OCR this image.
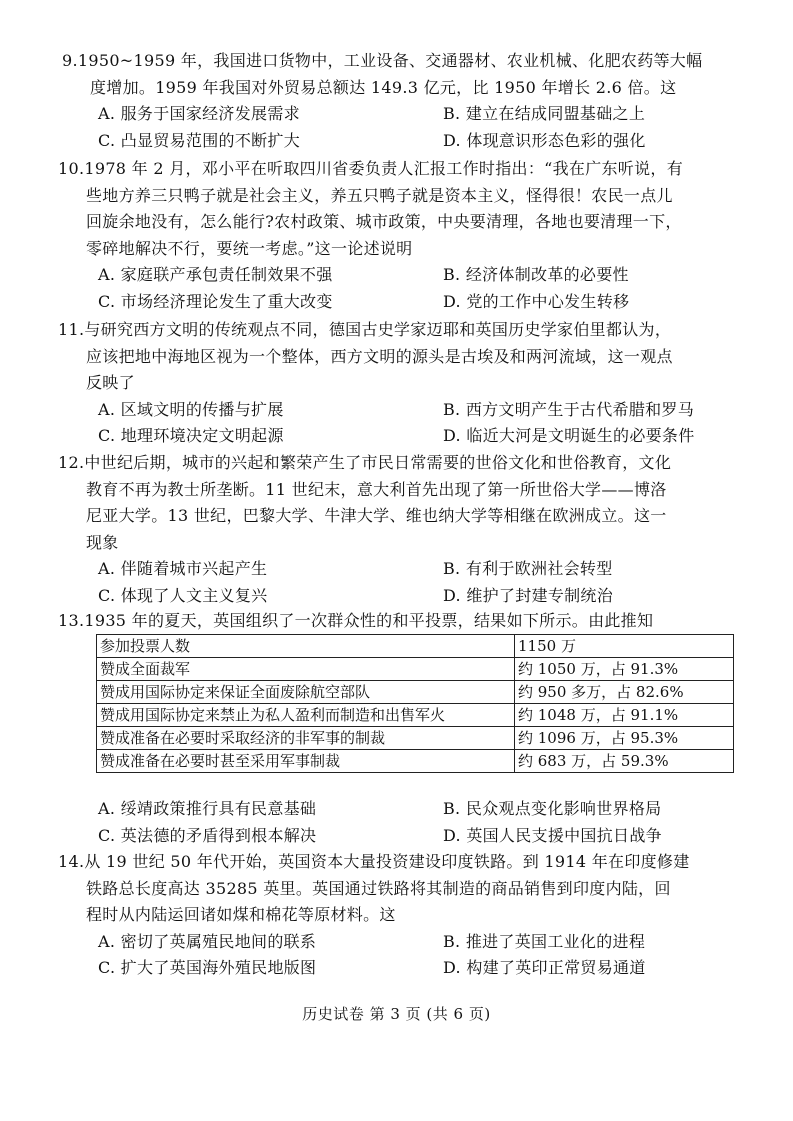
9.1950~1959 年，我国进口货物中，工业设备、交通器材、农业机械、化肥农药等大幅
度增加。1959 年我国对外贸易总额达 149.3 亿元，比 1950 年增长 2.6 倍。这
A. 服务于国家经济发展需求	B. 建立在结成同盟基础之上
C. 凸显贸易范围的不断扩大	D. 体现意识形态色彩的强化
10.1978 年 2 月，邓小平在听取四川省委负责人汇报工作时指出：“我在广东听说，有
些地方养三只鸭子就是社会主义，养五只鸭子就是资本主义，怪得很！农民一点儿
回旋余地没有，怎么能行?农村政策、城市政策，中央要清理，各地也要清理一下，
零碎地解决不行，要统一考虑。”这一论述说明
A. 家庭联产承包责任制效果不强	B. 经济体制改革的必要性
C. 市场经济理论发生了重大改变	D. 党的工作中心发生转移
11.与研究西方文明的传统观点不同，德国古史学家迈耶和英国历史学家伯里都认为，
应该把地中海地区视为一个整体，西方文明的源头是古埃及和两河流域，这一观点
反映了
A. 区域文明的传播与扩展	B. 西方文明产生于古代希腊和罗马
C. 地理环境决定文明起源	D. 临近大河是文明诞生的必要条件
12.中世纪后期，城市的兴起和繁荣产生了市民日常需要的世俗文化和世俗教育，文化
教育不再为教士所垄断。11 世纪末，意大利首先出现了第一所世俗大学——博洛
尼亚大学。13 世纪，巴黎大学、牛津大学、维也纳大学等相继在欧洲成立。这一
现象
A. 伴随着城市兴起产生	B. 有利于欧洲社会转型
C. 体现了人文主义复兴	D. 维护了封建专制统治
13.1935 年的夏天，英国组织了一次群众性的和平投票，结果如下所示。由此推知
参加投票人数	1150 万
赞成全面裁军	约 1050 万，占 91.3%
赞成用国际协定来保证全面废除航空部队	约 950 多万，占 82.6%
赞成用国际协定来禁止为私人盈利而制造和出售军火	约 1048 万，占 91.1%
赞成准备在必要时采取经济的非军事的制裁	约 1096 万，占 95.3%
赞成准备在必要时甚至采用军事制裁	约 683 万，占 59.3%
A. 绥靖政策推行具有民意基础	B. 民众观点变化影响世界格局
C. 英法德的矛盾得到根本解决	D. 英国人民支援中国抗日战争
14.从 19 世纪 50 年代开始，英国资本大量投资建设印度铁路。到 1914 年在印度修建
铁路总长度高达 35285 英里。英国通过铁路将其制造的商品销售到印度内陆，回
程时从内陆运回诸如煤和棉花等原材料。这
A. 密切了英属殖民地间的联系	B. 推进了英国工业化的进程
C. 扩大了英国海外殖民地版图	D. 构建了英印正常贸易通道
历史试卷 第 3 页 (共 6 页)
